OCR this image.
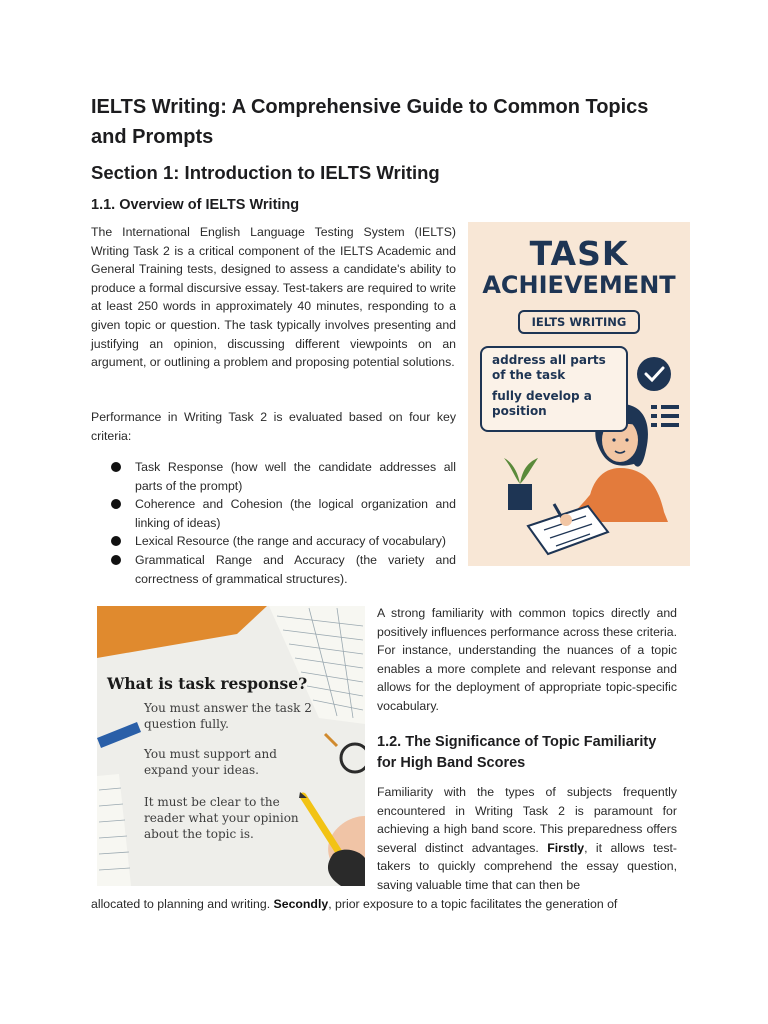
IELTS Writing: A Comprehensive Guide to Common Topics and Prompts
Section 1: Introduction to IELTS Writing
1.1. Overview of IELTS Writing

The International English Language Testing System (IELTS) Writing Task 2 is a critical component of the IELTS Academic and General Training tests, designed to assess a candidate's ability to produce a formal discursive essay. Test-takers are required to write at least 250 words in approximately 40 minutes, responding to a given topic or question. The task typically involves presenting and justifying an opinion, discussing different viewpoints on an argument, or outlining a problem and proposing potential solutions.

Performance in Writing Task 2 is evaluated based on four key criteria:

Task Response (how well the candidate addresses all parts of the prompt)
Coherence and Cohesion (the logical organization and linking of ideas)
Lexical Resource (the range and accuracy of vocabulary)
Grammatical Range and Accuracy (the variety and correctness of grammatical structures).
TASK
ACHIEVEMENT
IELTS WRITING
address all parts of the task
fully develop a position
What is task response?
You must answer the task 2 question fully.
You must support and expand your ideas.
It must be clear to the reader what your opinion about the topic is.

A strong familiarity with common topics directly and positively influences performance across these criteria. For instance, understanding the nuances of a topic enables a more complete and relevant response and allows for the deployment of appropriate topic-specific vocabulary.

1.2. The Significance of Topic Familiarity for High Band Scores

Familiarity with the types of subjects frequently encountered in Writing Task 2 is paramount for achieving a high band score. This preparedness offers several distinct advantages. Firstly, it allows test-takers to quickly comprehend the essay question, saving valuable time that can then be

allocated to planning and writing. Secondly, prior exposure to a topic facilitates the generation of
